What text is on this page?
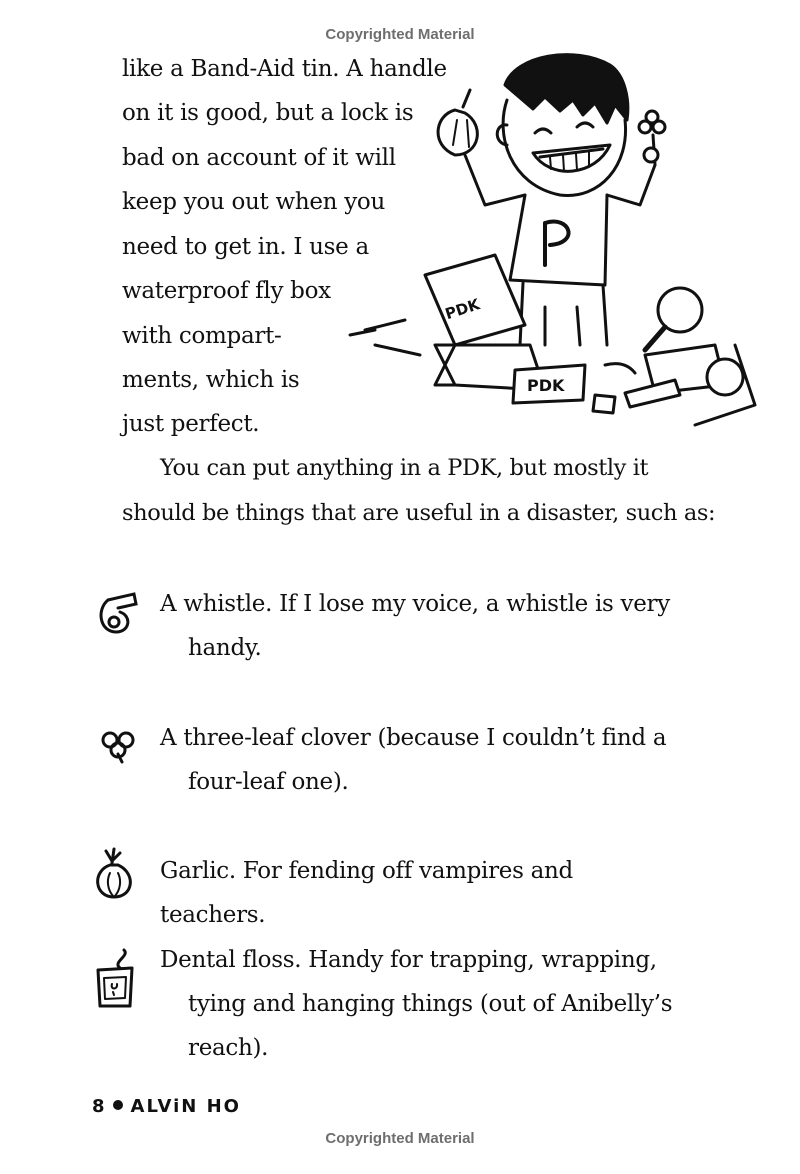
Copyrighted Material
like a Band-Aid tin. A handle
on it is good, but a lock is
bad on account of it will
keep you out when you
need to get in. I use a
waterproof fly box
with compart-
ments, which is
just perfect.
P
PDK
PDK
You can put anything in a PDK, but mostly it
should be things that are useful in a disaster, such as:
A whistle. If I lose my voice, a whistle is very
handy.
A three-leaf clover (because I couldn’t find a
four-leaf one).
Garlic. For fending off vampires and teachers.
Dental floss. Handy for trapping, wrapping,
tying and hanging things (out of Anibelly’s
reach).
8 ALViN HO
Copyrighted Material
